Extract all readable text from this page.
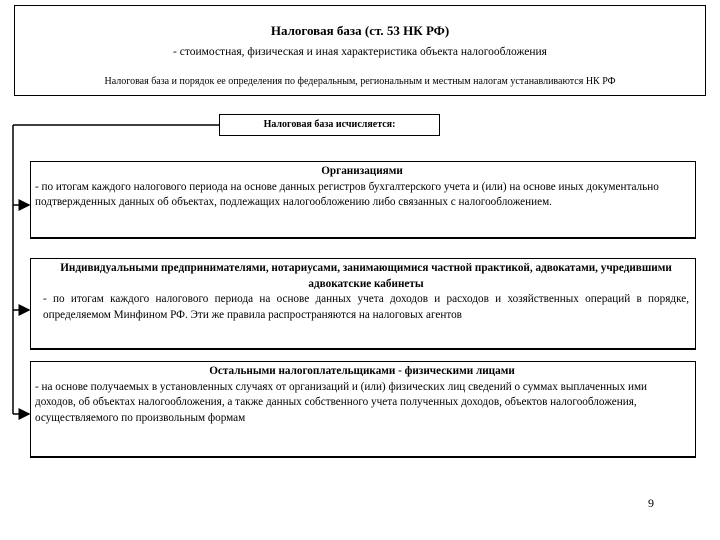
Налоговая база (ст. 53 НК РФ)
- стоимостная, физическая и иная характеристика объекта налогообложения
Налоговая база и порядок ее определения по федеральным, региональным и местным налогам устанавливаются НК РФ
Налоговая база исчисляется:
Организациями
- по итогам каждого налогового периода на основе данных регистров бухгалтерского учета и (или) на основе иных документально подтвержденных данных об объектах, подлежащих налогообложению либо связанных с налогообложением.
Индивидуальными предпринимателями, нотариусами, занимающимися частной практикой, адвокатами, учредившими адвокатские кабинеты
- по итогам каждого налогового периода на основе данных учета доходов и расходов и хозяйственных операций в порядке, определяемом Минфином РФ. Эти же правила распространяются на налоговых агентов
Остальными налогоплательщиками - физическими лицами
- на основе получаемых в установленных случаях от организаций и (или) физических лиц сведений о суммах выплаченных ими доходов, об объектах налогообложения, а также данных собственного учета полученных доходов, объектов налогообложения, осуществляемого по произвольным формам
9
